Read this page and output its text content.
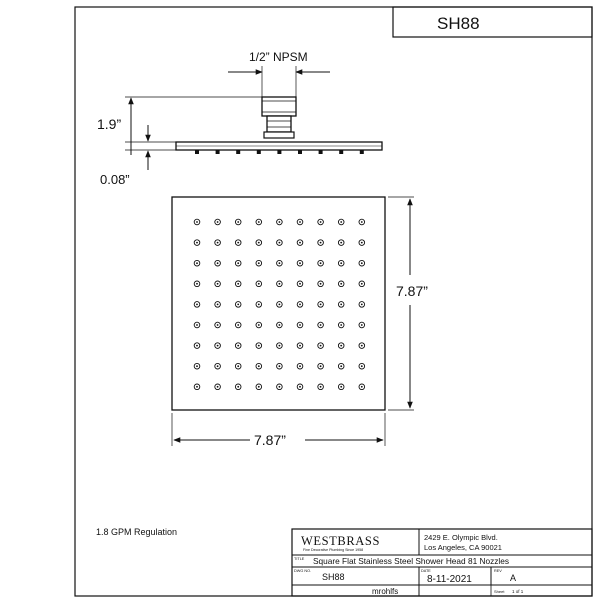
SH88
1/2” NPSM
1.9”
0.08”
7.87”
7.87”
1.8 GPM Regulation
WESTBRASS
Fine Decorative Plumbing Since 1958
2429 E. Olympic Blvd.
Los Angeles, CA 90021
TITLE Square Flat Stainless Steel Shower Head 81 Nozzles
DWG NO.
SH88
DATE
8-11-2021
REV
A
mrohlfs	Sheet 1 of 1
